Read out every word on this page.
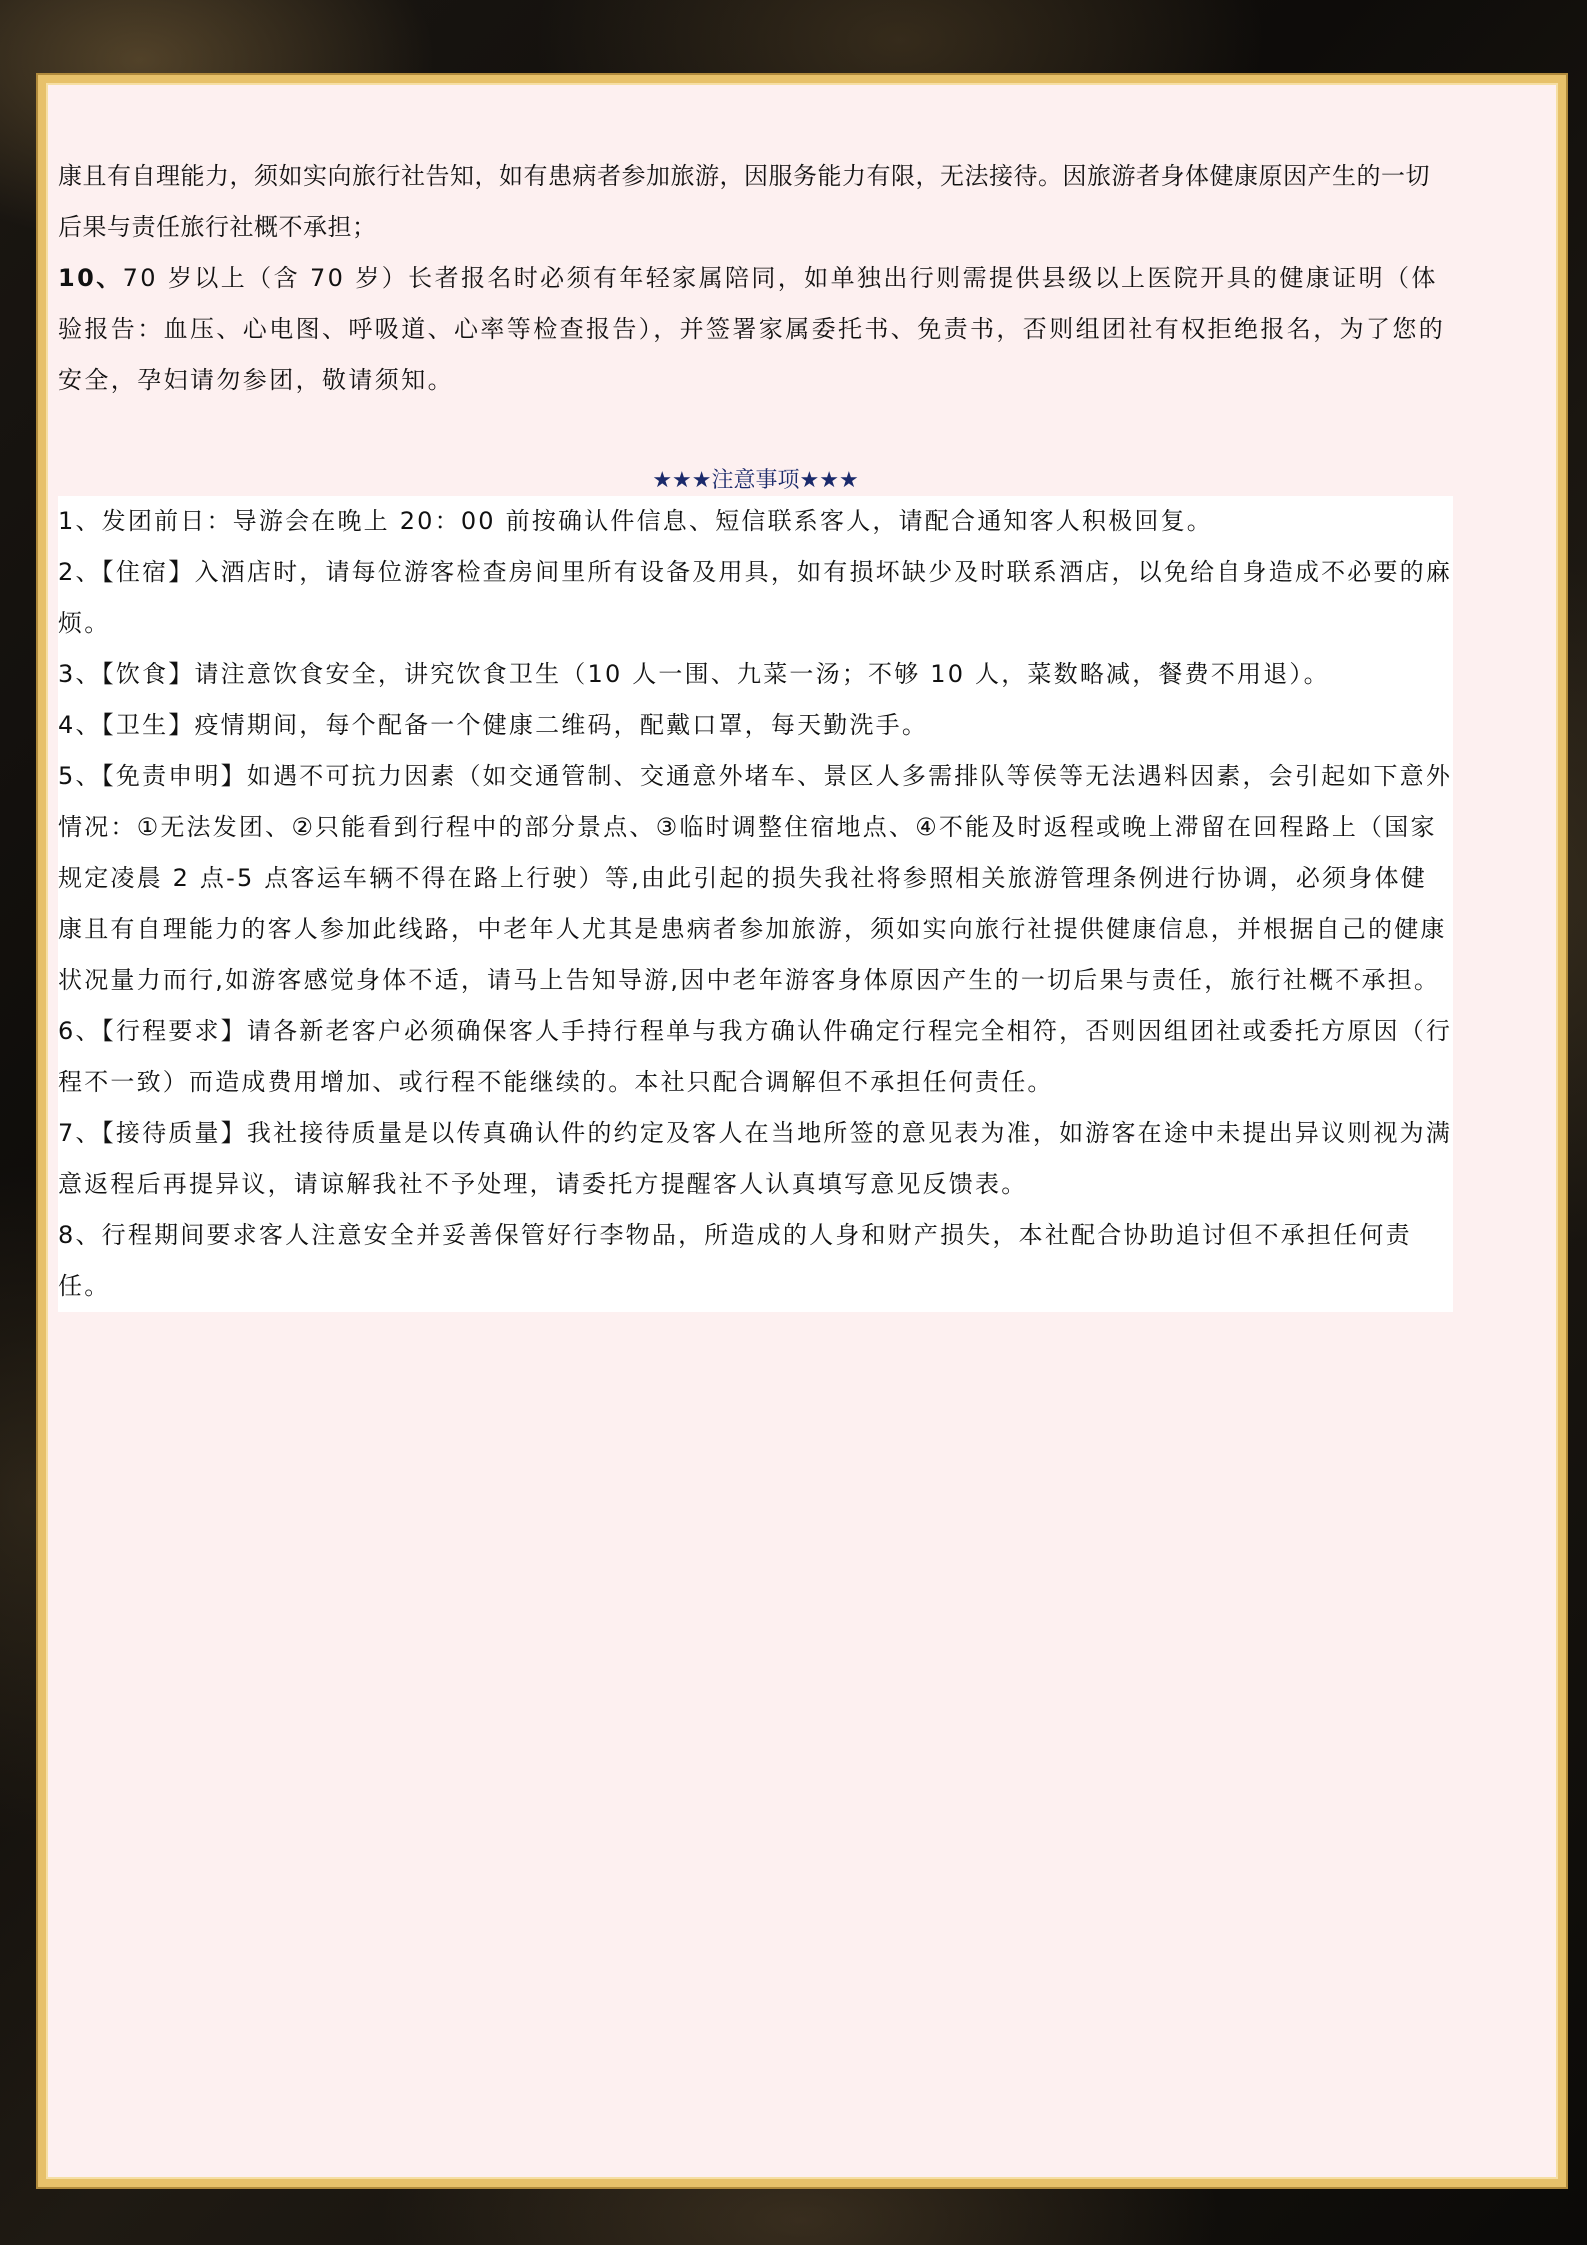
康且有自理能力，须如实向旅行社告知，如有患病者参加旅游，因服务能力有限，无法接待。因旅游者身体健康原因产生的一切后果与责任旅行社概不承担；

10、70 岁以上（含 70 岁）长者报名时必须有年轻家属陪同，如单独出行则需提供县级以上医院开具的健康证明（体验报告：血压、心电图、呼吸道、心率等检查报告），并签署家属委托书、免责书，否则组团社有权拒绝报名，为了您的安全，孕妇请勿参团，敬请须知。

★★★注意事项★★★

1、发团前日：导游会在晚上 20：00 前按确认件信息、短信联系客人，请配合通知客人积极回复。

2、【住宿】入酒店时，请每位游客检查房间里所有设备及用具，如有损坏缺少及时联系酒店，以免给自身造成不必要的麻烦。

3、【饮食】请注意饮食安全，讲究饮食卫生（10 人一围、九菜一汤；不够 10 人，菜数略减，餐费不用退）。

4、【卫生】疫情期间，每个配备一个健康二维码，配戴口罩，每天勤洗手。

5、【免责申明】如遇不可抗力因素（如交通管制、交通意外堵车、景区人多需排队等侯等无法遇料因素，会引起如下意外情况：①无法发团、②只能看到行程中的部分景点、③临时调整住宿地点、④不能及时返程或晚上滞留在回程路上（国家规定凌晨 2 点-5 点客运车辆不得在路上行驶）等,由此引起的损失我社将参照相关旅游管理条例进行协调，必须身体健康且有自理能力的客人参加此线路，中老年人尤其是患病者参加旅游，须如实向旅行社提供健康信息，并根据自己的健康状况量力而行,如游客感觉身体不适，请马上告知导游,因中老年游客身体原因产生的一切后果与责任，旅行社概不承担。

6、【行程要求】请各新老客户必须确保客人手持行程单与我方确认件确定行程完全相符，否则因组团社或委托方原因（行程不一致）而造成费用增加、或行程不能继续的。本社只配合调解但不承担任何责任。

7、【接待质量】我社接待质量是以传真确认件的约定及客人在当地所签的意见表为准，如游客在途中未提出异议则视为满意返程后再提异议，请谅解我社不予处理，请委托方提醒客人认真填写意见反馈表。

8、行程期间要求客人注意安全并妥善保管好行李物品，所造成的人身和财产损失，本社配合协助追讨但不承担任何责任。
